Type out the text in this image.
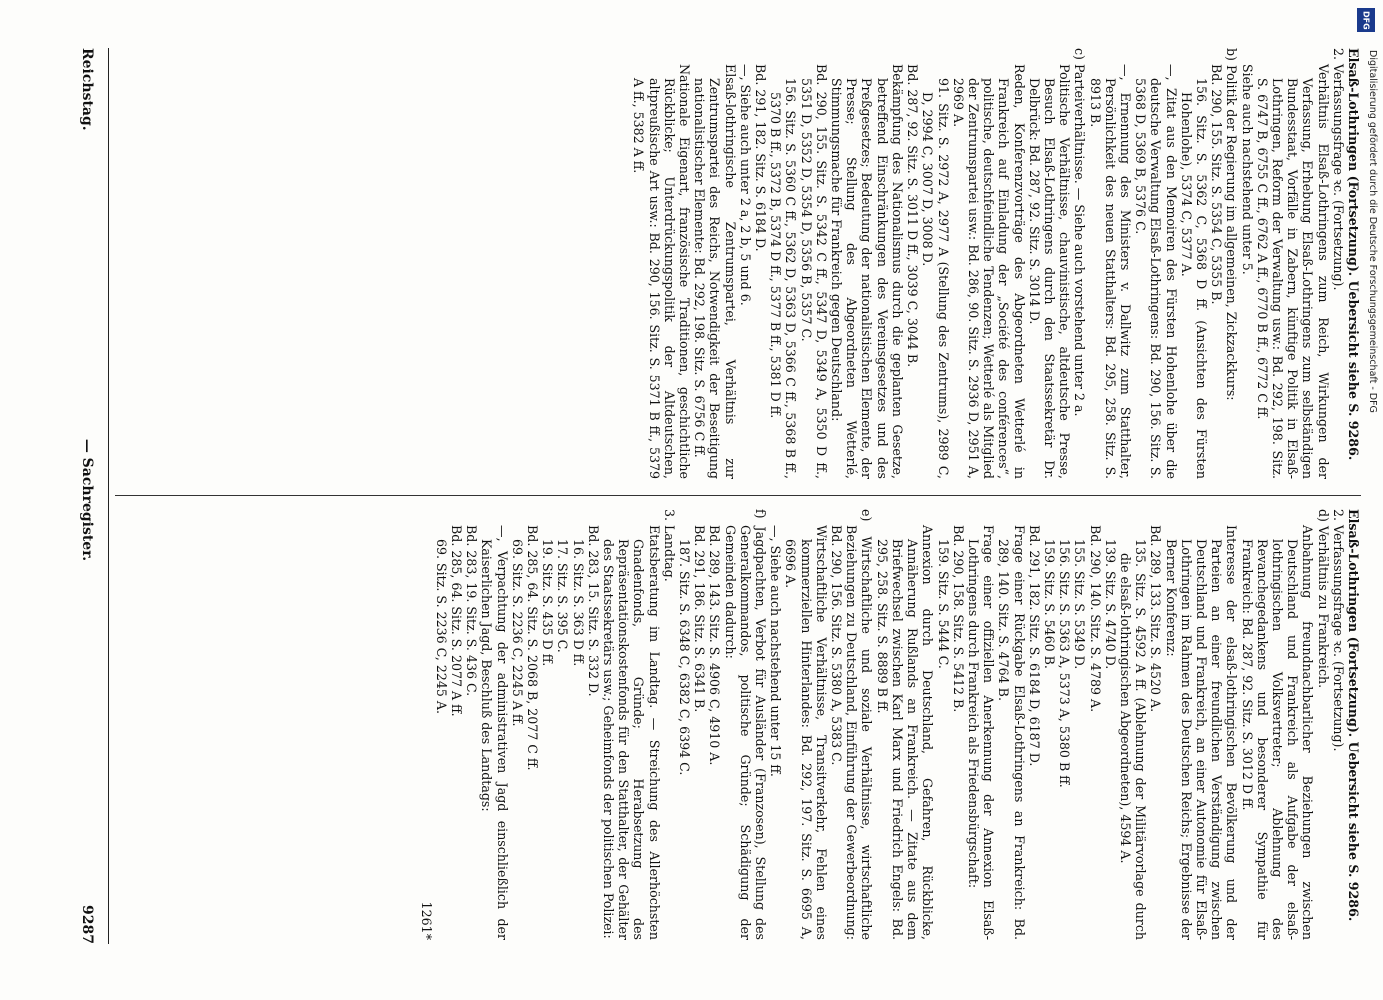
Elsaß-Lothringen (Fortsetzung). Uebersicht siehe S. 9286.

2. Verfassungsfrage ꝛc. (Fortsetzung).

Verhältnis Elsaß-Lothringens zum Reich, Wirkungen der Verfassung, Erhebung Elsaß-Lothringens zum selbständigen Bundesstaat, Vorfälle in Zabern, künftige Politik in Elsaß-Lothringen, Reform der Verwaltung usw.: Bd. 292, 198. Sitz. S. 6747 B, 6755 C ff., 6762 A ff., 6770 B ff., 6772 C ff.

Siehe auch nachstehend unter 5.

b) Politik der Regierung im allgemeinen, Zickzackkurs:

Bd. 290, 155. Sitz. S. 5354 C, 5355 B.

156. Sitz. S. 5362 C, 5368 D ff. (Ansichten des Fürsten Hohenlohe), 5374 C, 5377 A.

—, Zitat aus den Memoiren des Fürsten Hohenlohe über die deutsche Verwaltung Elsaß-Lothringens: Bd. 290, 156. Sitz. S. 5368 D, 5369 B, 5376 C.

—, Ernennung des Ministers v. Dallwitz zum Statthalter, Persönlichkeit des neuen Statthalters: Bd. 295, 258. Sitz. S. 8913 B.

c) Parteiverhältnisse. — Siehe auch vorstehend unter 2 a.

Politische Verhältnisse, chauvinistische, altdeutsche Presse, Besuch Elsaß-Lothringens durch den Staatssekretär Dr. Delbrück: Bd. 287, 92. Sitz. S. 3014 D.

Reden, Konferenzvorträge des Abgeordneten Wetterlé in Frankreich auf Einladung der „Société des conférences“, politische, deutschfeindliche Tendenzen; Wetterlé als Mitglied der Zentrumspartei usw.: Bd. 286, 90. Sitz. S. 2936 D, 2951 A, 2969 A.

91. Sitz. S. 2972 A, 2977 A (Stellung des Zentrums), 2989 C, D, 2994 C, 3007 D, 3008 D.

Bd. 287, 92. Sitz. S. 3011 D ff., 3039 C, 3044 B.

Bekämpfung des Nationalismus durch die geplanten Gesetze, betreffend Einschränkungen des Vereinsgesetzes und des Preßgesetzes; Bedeutung der nationalistischen Elemente, der Presse; Stellung des Abgeordneten Wetterlé, Stimmungsmache für Frankreich gegen Deutschland:

Bd. 290, 155. Sitz. S. 5342 C ff., 5347 D, 5349 A, 5350 D ff., 5351 D, 5352 D, 5354 D, 5356 B, 5357 C.

156. Sitz. S. 5360 C ff., 5362 D, 5363 D, 5366 C ff., 5368 B ff., 5370 B ff., 5372 B, 5374 D ff., 5377 B ff., 5381 D ff.

Bd. 291, 182. Sitz. S. 6184 D.

—, Siehe auch unter 2 a, 2 b, 5 und 6.

Elsaß-lothringische Zentrumspartei, Verhältnis zur Zentrumspartei des Reichs, Notwendigkeit der Beseitigung nationalistischer Elemente: Bd. 292, 198. Sitz. S. 6756 C ff.

Nationale Eigenart, französische Traditionen, geschichtliche Rückblicke; Unterdrückungspolitik der Altdeutschen, altpreußische Art usw.: Bd. 290, 156. Sitz. S. 5371 B ff., 5379 A ff., 5382 A ff.

Elsaß-Lothringen (Fortsetzung). Uebersicht siehe S. 9286.

2. Verfassungsfrage ꝛc. (Fortsetzung).

d) Verhältnis zu Frankreich.

Anbahnung freundnachbarlicher Beziehungen zwischen Deutschland und Frankreich als Aufgabe der elsaß-lothringischen Volksvertreter; Ablehnung des Revanchegedankens und besonderer Sympathie für Frankreich: Bd. 287, 92. Sitz. S. 3012 D ff.

Interesse der elsaß-lothringischen Bevölkerung und der Parteien an einer freundlichen Verständigung zwischen Deutschland und Frankreich, an einer Autonomie für Elsaß-Lothringen im Rahmen des Deutschen Reichs; Ergebnisse der Berner Konferenz:

Bd. 289, 133. Sitz. S. 4520 A.

135. Sitz. S. 4592 A ff. (Ablehnung der Militärvorlage durch die elsaß-lothringischen Abgeordneten), 4594 A.

139. Sitz. S. 4740 D.

Bd. 290, 140. Sitz. S. 4789 A.

155. Sitz. S. 5349 D.

156. Sitz. S. 5363 A, 5373 A, 5380 B ff.

159. Sitz. S. 5460 B.

Bd. 291, 182. Sitz. S. 6184 D, 6187 D.

Frage einer Rückgabe Elsaß-Lothringens an Frankreich: Bd. 289, 140. Sitz. S. 4764 B.

Frage einer offiziellen Anerkennung der Annexion Elsaß-Lothringens durch Frankreich als Friedensbürgschaft:

Bd. 290, 158. Sitz. S. 5412 B.

159. Sitz. S. 5444 C.

Annexion durch Deutschland, Gefahren, Rückblicke, Annäherung Rußlands an Frankreich. — Zitate aus dem Briefwechsel zwischen Karl Marx und Friedrich Engels: Bd. 295, 258. Sitz. S. 8889 B ff.

e) Wirtschaftliche und soziale Verhältnisse, wirtschaftliche Beziehungen zu Deutschland, Einführung der Gewerbeordnung: Bd. 290, 156. Sitz. S. 5380 A, 5383 C.

Wirtschaftliche Verhältnisse, Transitverkehr, Fehlen eines kommerziellen Hinterlandes: Bd. 292, 197. Sitz. S. 6695 A, 6696 A.

—, Siehe auch nachstehend unter 15 ff.

f) Jagdpachten, Verbot für Ausländer (Franzosen), Stellung des Generalkommandos, politische Gründe; Schädigung der Gemeinden dadurch:

Bd. 289, 143. Sitz. S. 4906 C, 4910 A.

Bd. 291, 186. Sitz. S. 6341 B.

187. Sitz. S. 6348 C, 6382 C, 6394 C.

3. Landtag.

Etatsberatung im Landtag. — Streichung des Allerhöchsten Gnadenfonds, Gründe; Herabsetzung des Repräsentationskostenfonds für den Statthalter, der Gehälter des Staatssekretärs usw.; Geheimfonds der politischen Polizei:

Bd. 283, 15. Sitz. S. 332 D.

16. Sitz. S. 363 D ff.

17. Sitz. S. 395 C.

19. Sitz. S. 435 D ff.

Bd. 285, 64. Sitz. S. 2068 B, 2077 C ff.

69. Sitz. S. 2236 C, 2245 A ff.

—, Verpachtung der administrativen Jagd einschließlich der Kaiserlichen Jagd, Beschluß des Landtags:

Bd. 283, 19. Sitz. S. 436 C.

Bd. 285, 64. Sitz. S. 2077 A ff.

69. Sitz. S. 2236 C, 2245 A.

1261*

Reichstag.
— Sachregister.
9287
DFG
Digitalisierung gefördert durch die Deutsche Forschungsgemeinschaft - DFG
